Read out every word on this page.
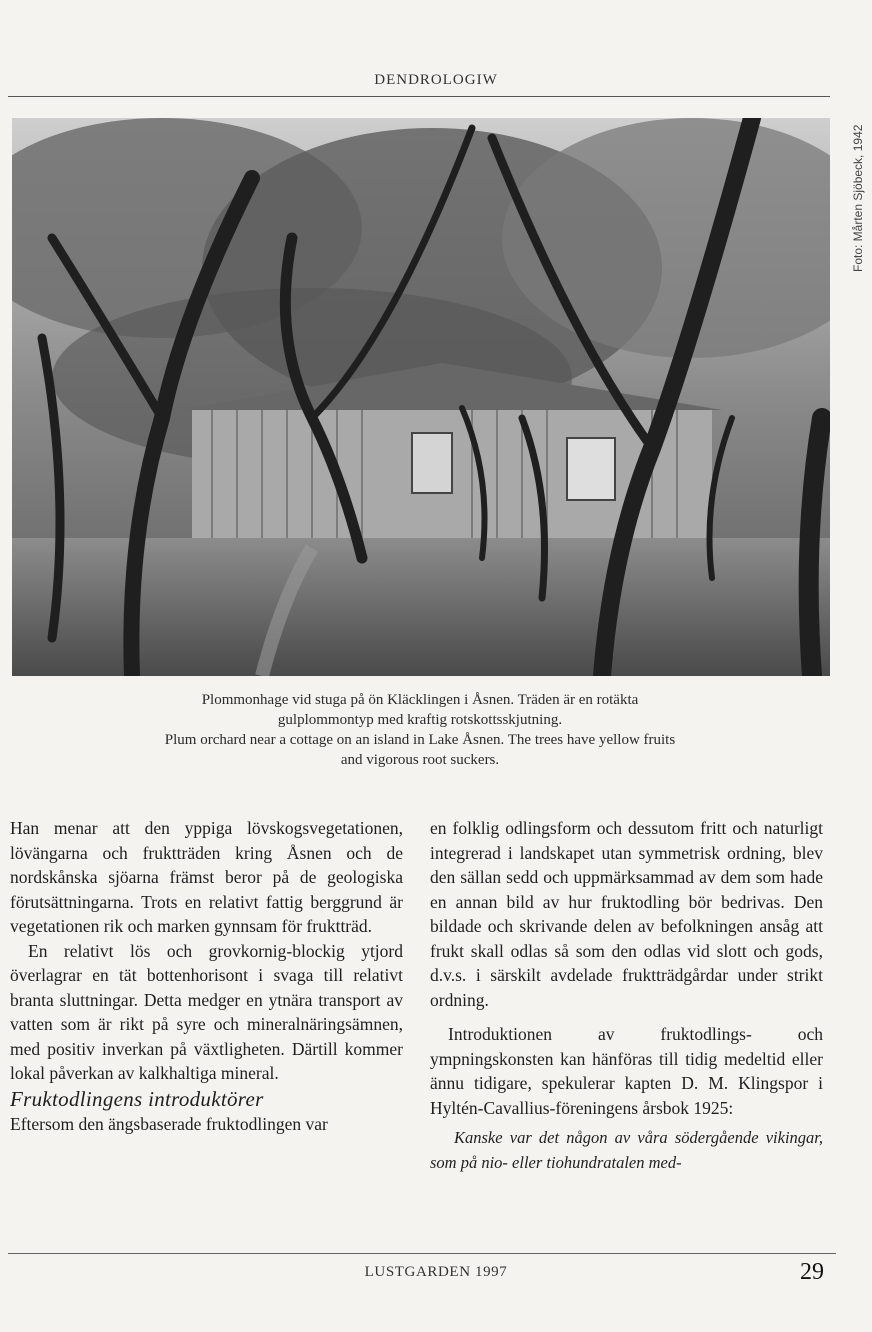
DENDROLOGIW
Foto: Mårten Sjöbeck, 1942
Plommonhage vid stuga på ön Kläcklingen i Åsnen. Träden är en rotäkta
gulplommontyp med kraftig rotskottsskjutning.
Plum orchard near a cottage on an island in Lake Åsnen. The trees have yellow fruits
and vigorous root suckers.

Han menar att den yppiga lövskogsvegetationen, lövängarna och fruktträden kring Åsnen och de nordskånska sjöarna främst beror på de geologiska förutsättningarna. Trots en relativt fattig berggrund är vegetationen rik och marken gynnsam för fruktträd.

En relativt lös och grovkornig-blockig ytjord överlagrar en tät bottenhorisont i svaga till relativt branta sluttningar. Detta medger en ytnära transport av vatten som är rikt på syre och mineralnäringsämnen, med positiv inverkan på växtligheten. Därtill kommer lokal påverkan av kalkhaltiga mineral.

Fruktodlingens introduktörer

Eftersom den ängsbaserade fruktodlingen var

en folklig odlingsform och dessutom fritt och naturligt integrerad i landskapet utan symmetrisk ordning, blev den sällan sedd och uppmärksammad av dem som hade en annan bild av hur fruktodling bör bedrivas. Den bildade och skrivande delen av befolkningen ansåg att frukt skall odlas så som den odlas vid slott och gods, d.v.s. i särskilt avdelade fruktträdgårdar under strikt ordning.

Introduktionen av fruktodlings- och ympningskonsten kan hänföras till tidig medeltid eller ännu tidigare, spekulerar kapten D. M. Klingspor i Hyltén-Cavallius-föreningens årsbok 1925:

Kanske var det någon av våra södergående vikingar, som på nio- eller tiohundratalen med-

LUSTGARDEN 1997	29
